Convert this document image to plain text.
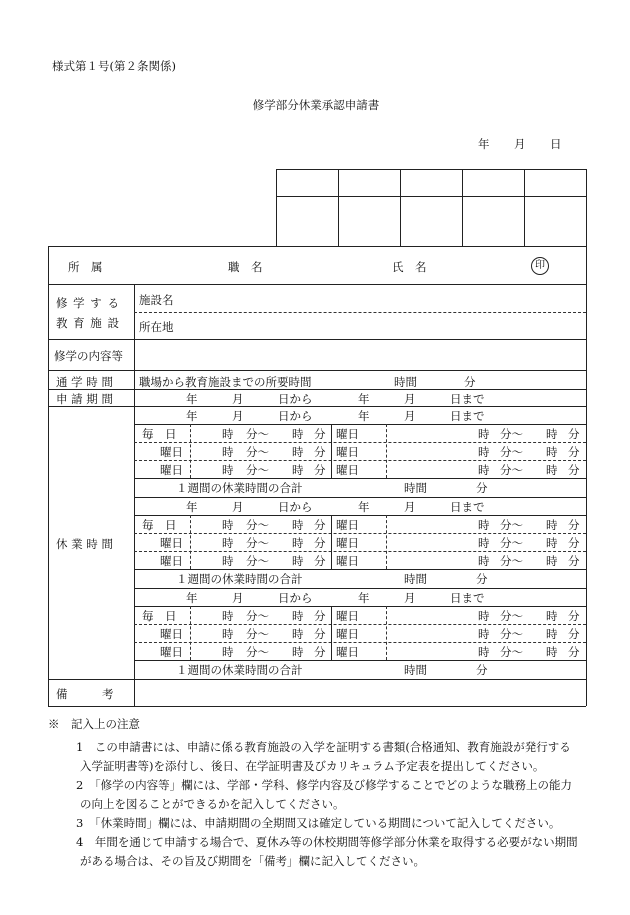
様式第１号(第２条関係)
修学部分休業承認申請書
年 月 日
所　属	職　名	氏　名	印
修 学 す る
教 育 施 設
施設名
所在地
修学の内容等
通 学 時 間 職場から教育施設までの所要時間	時間	分
申 請 期 間	年	月	日から	年	月	日まで
休 業 時 間
年	月	日から	年	月	日まで
毎　日	時 分～ 時 分 曜日	時 分～ 時 分
曜日	時 分～ 時 分 曜日	時 分～ 時 分
曜日	時 分～ 時 分 曜日	時 分～ 時 分
１週間の休業時間の合計	時間	分
年	月	日から	年	月	日まで
毎　日	時 分～ 時 分 曜日	時 分～ 時 分
曜日	時 分～ 時 分 曜日	時 分～ 時 分
曜日	時 分～ 時 分 曜日	時 分～ 時 分
１週間の休業時間の合計	時間	分
年	月	日から	年	月	日まで
毎　日	時 分～ 時 分 曜日	時 分～ 時 分
曜日	時 分～ 時 分 曜日	時 分～ 時 分
曜日	時 分～ 時 分 曜日	時 分～ 時 分
１週間の休業時間の合計	時間	分
備　　　考
※　記入上の注意
1　この申請書には、申請に係る教育施設の入学を証明する書類(合格通知、教育施設が発行する
入学証明書等)を添付し、後日、在学証明書及びカリキュラム予定表を提出してください。
2　「修学の内容等」欄には、学部・学科、修学内容及び修学することでどのような職務上の能力
の向上を図ることができるかを記入してください。
3　「休業時間」欄には、申請期間の全期間又は確定している期間について記入してください。
4　年間を通じて申請する場合で、夏休み等の休校期間等修学部分休業を取得する必要がない期間
がある場合は、その旨及び期間を「備考」欄に記入してください。
